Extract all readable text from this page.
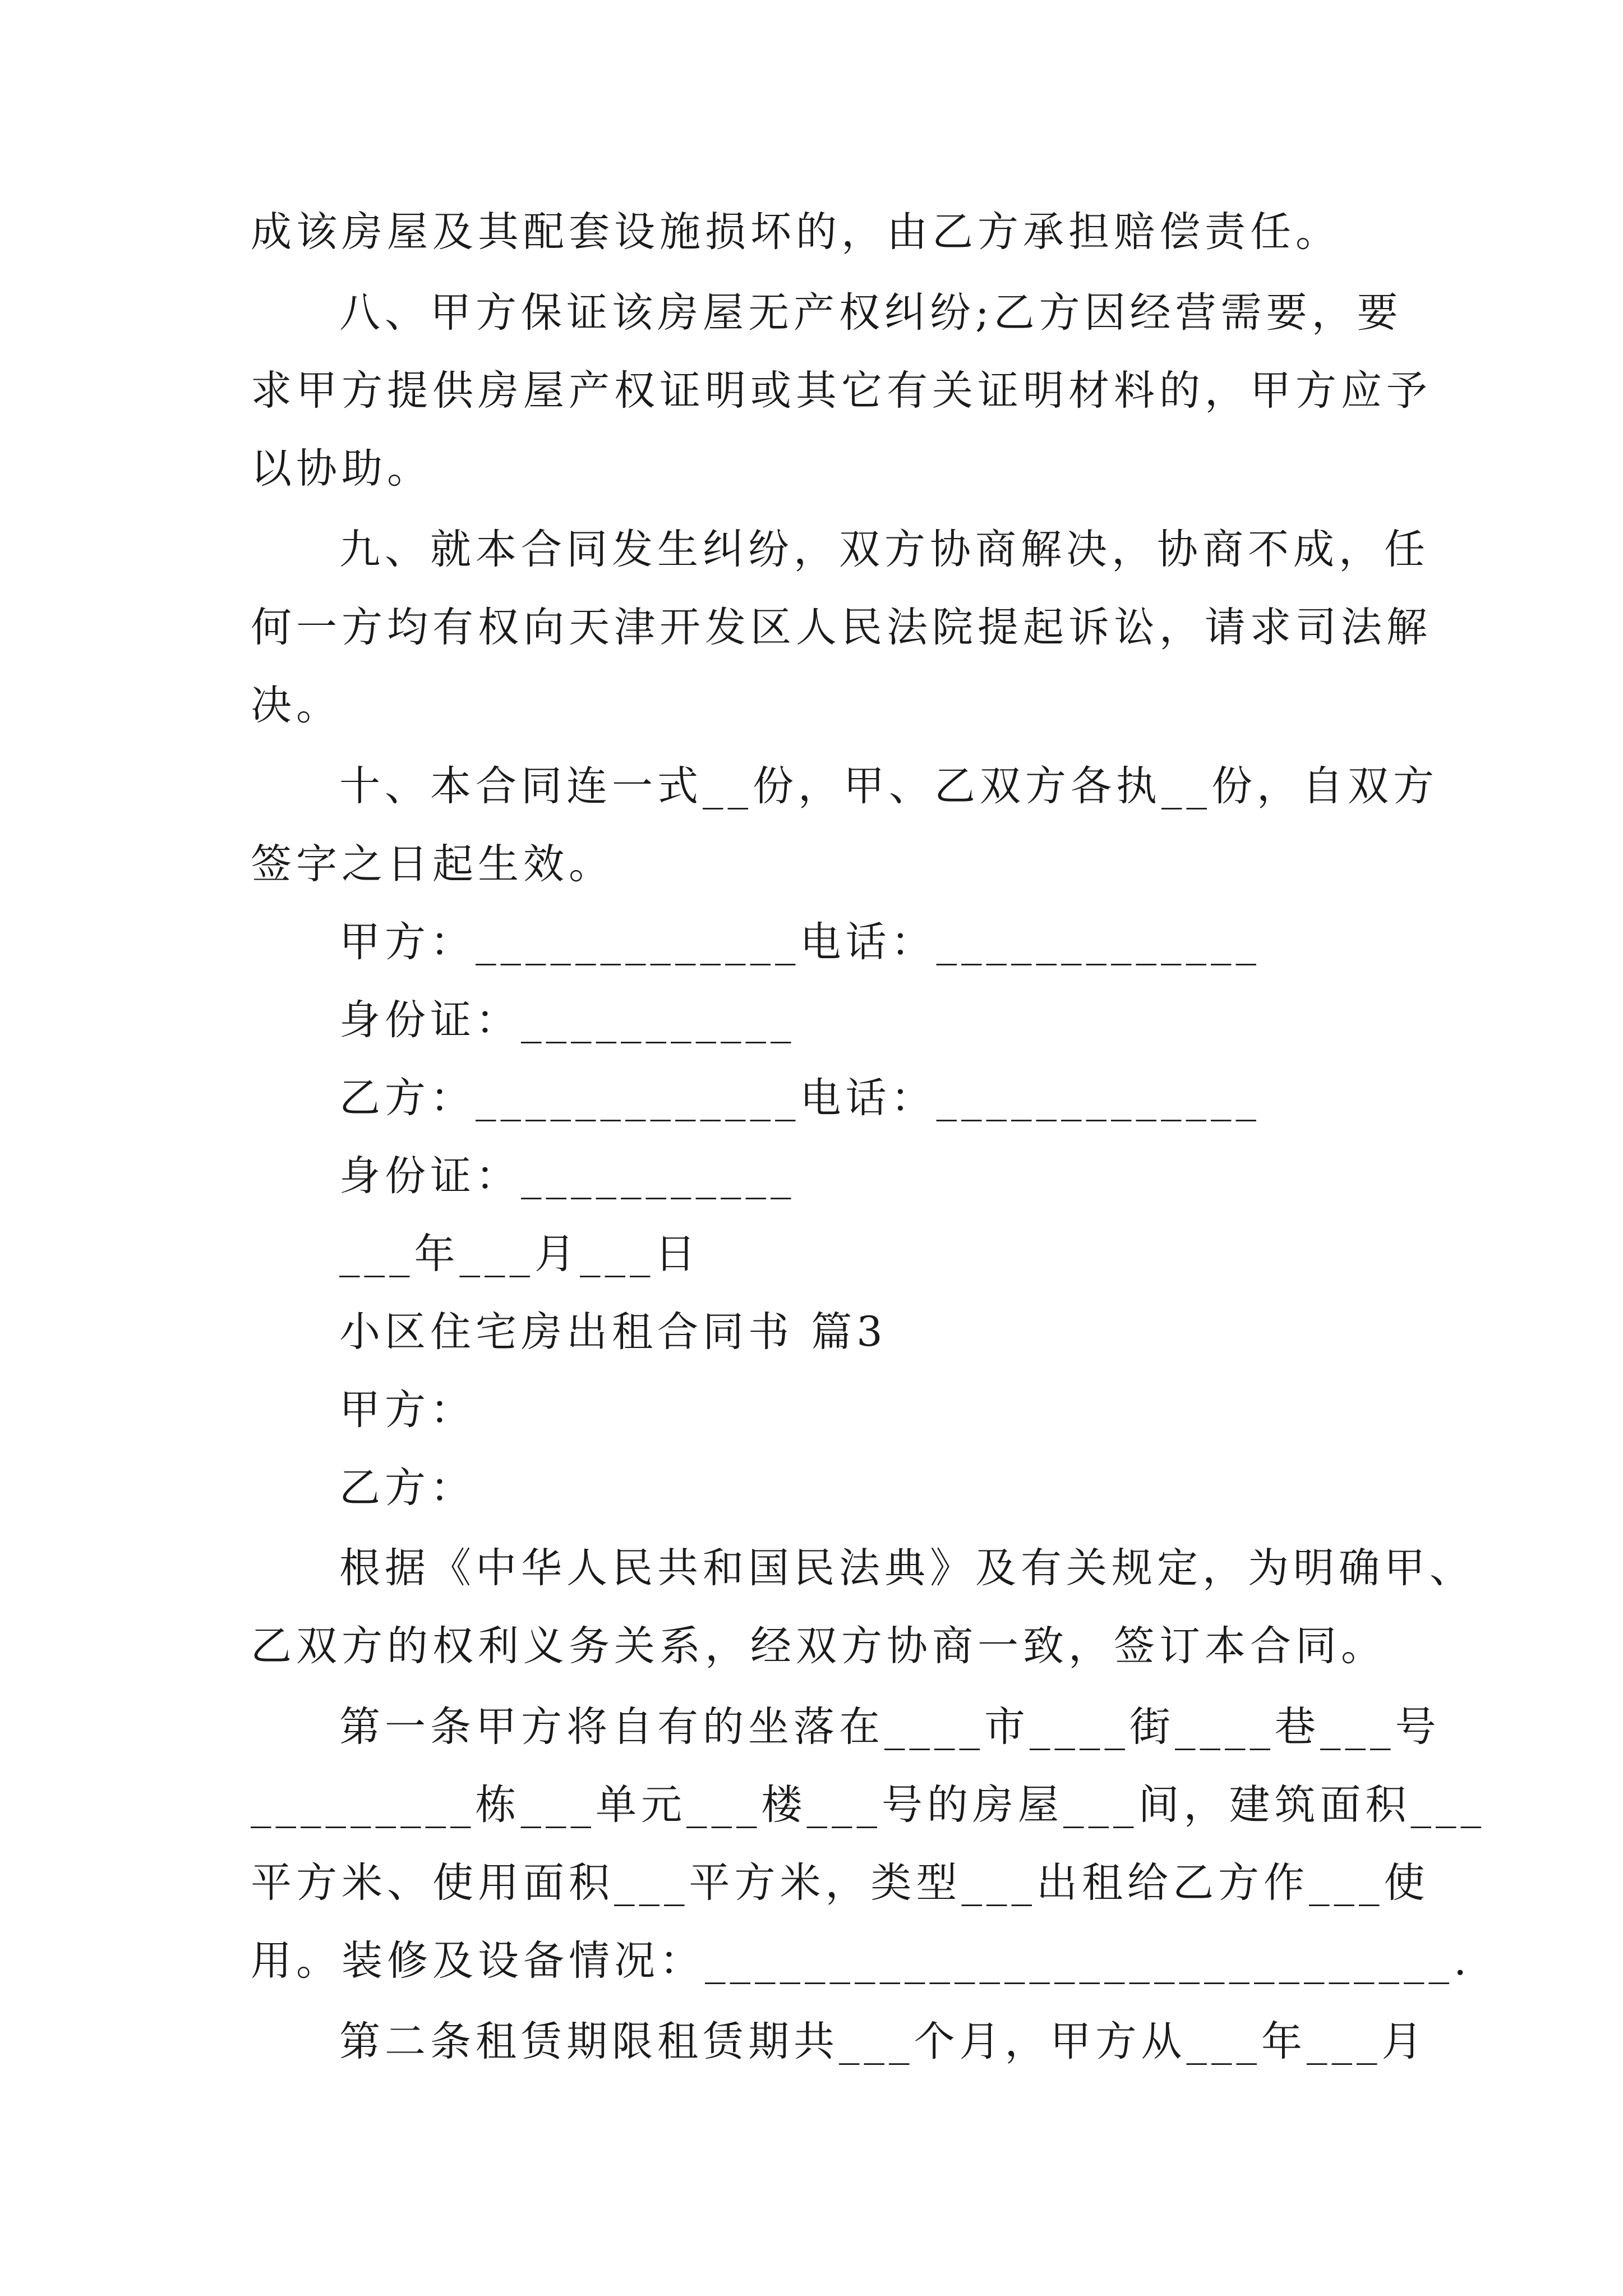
成该房屋及其配套设施损坏的，由乙方承担赔偿责任。
八、甲方保证该房屋无产权纠纷;乙方因经营需要，要
求甲方提供房屋产权证明或其它有关证明材料的，甲方应予
以协助。
九、就本合同发生纠纷，双方协商解决，协商不成，任
何一方均有权向天津开发区人民法院提起诉讼，请求司法解
决。
十、本合同连一式__份，甲、乙双方各执__份，自双方
签字之日起生效。
甲方：_____________电话：_____________
身份证：___________
乙方：_____________电话：_____________
身份证：___________
___年___月___日
小区住宅房出租合同书 篇3
甲方：
乙方：
根据《中华人民共和国民法典》及有关规定，为明确甲、
乙双方的权利义务关系，经双方协商一致，签订本合同。
第一条甲方将自有的坐落在____市____街____巷___号
_________栋___单元___楼___号的房屋___间，建筑面积___
平方米、使用面积___平方米，类型___出租给乙方作___使
用。装修及设备情况：______________________________.
第二条租赁期限租赁期共___个月，甲方从___年___月
